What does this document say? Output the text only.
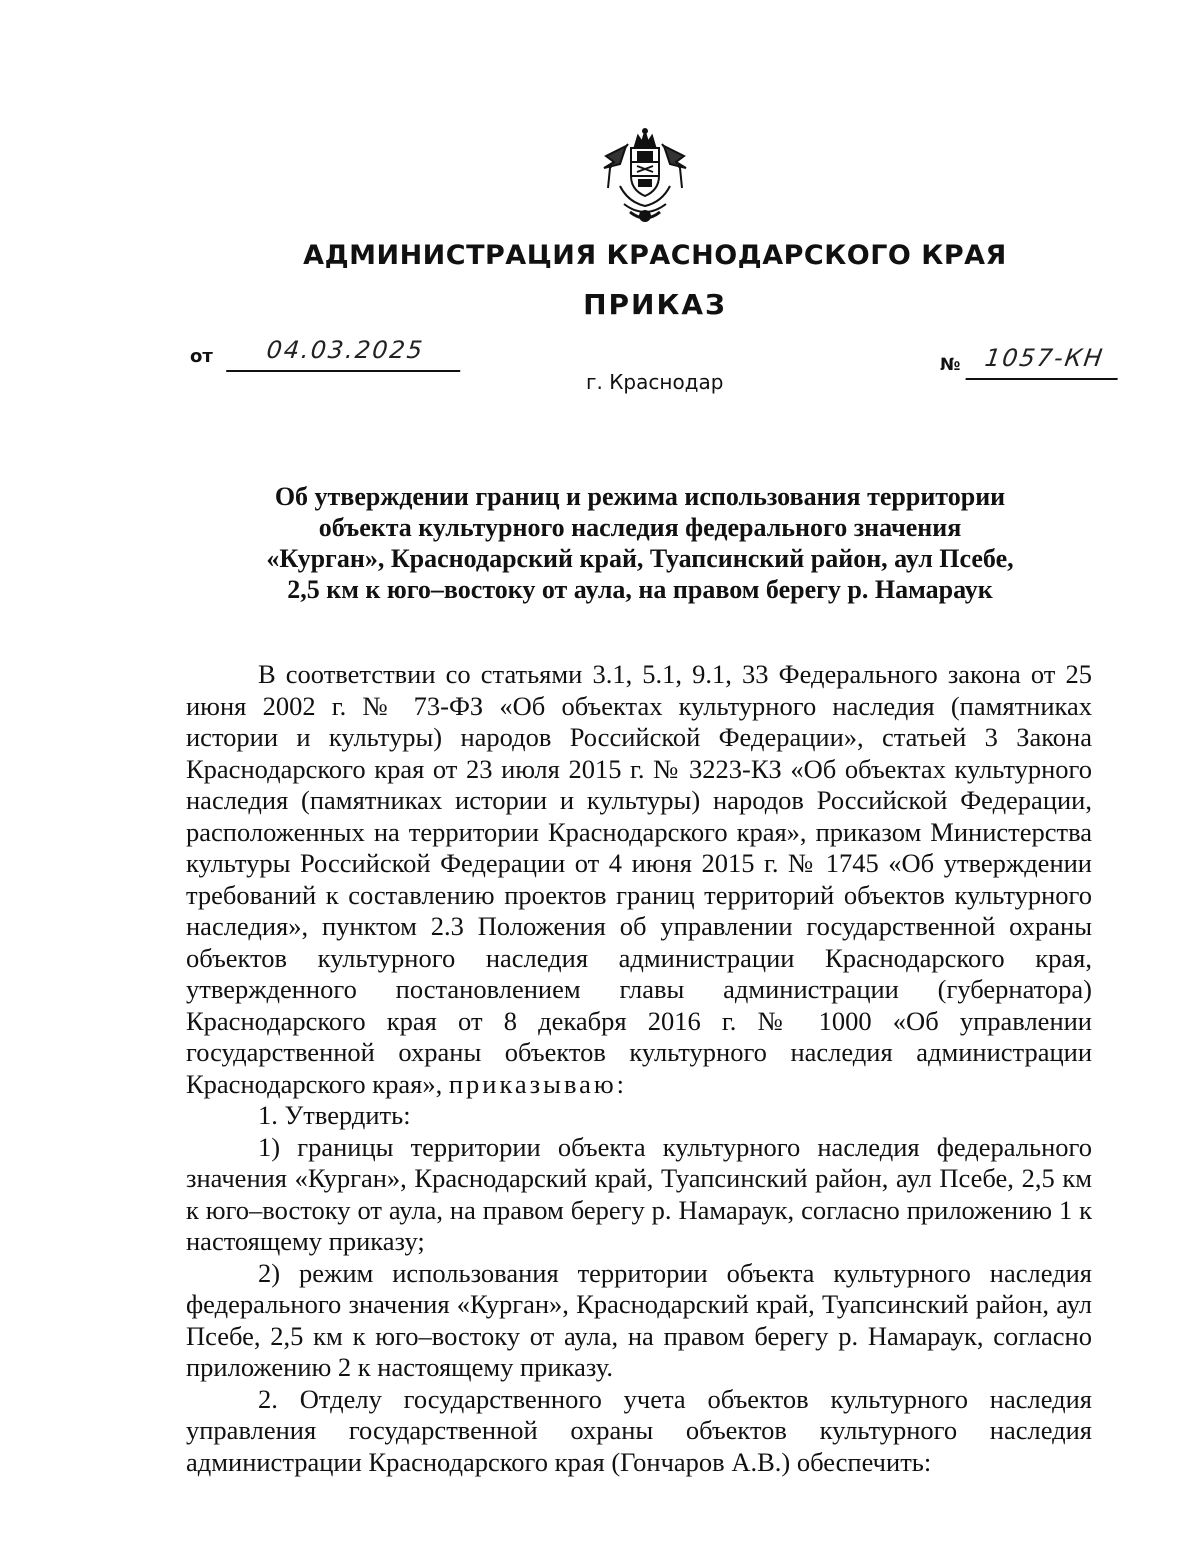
АДМИНИСТРАЦИЯ КРАСНОДАРСКОГО КРАЯ
ПРИКАЗ
от	04.03.2025
№ 1057-КН
г. Краснодар
Об утверждении границ и режима использования территории
объекта культурного наследия федерального значения
«Курган», Краснодарский край, Туапсинский район, аул Псебе,
2,5 км к юго–востоку от аула, на правом берегу р. Намараук

В соответствии со статьями 3.1, 5.1, 9.1, 33 Федерального закона от 25 июня 2002 г. № 73-ФЗ «Об объектах культурного наследия (памятниках истории и культуры) народов Российской Федерации», статьей 3 Закона Краснодарского края от 23 июля 2015 г. № 3223-КЗ «Об объектах культурного наследия (памятниках истории и культуры) народов Российской Федерации, расположенных на территории Краснодарского края», приказом Министерства культуры Российской Федерации от 4 июня 2015 г. № 1745 «Об утверждении требований к составлению проектов границ территорий объектов культурного наследия», пунктом 2.3 Положения об управлении государственной охраны объектов культурного наследия администрации Краснодарского края, утвержденного постановлением главы администрации (губернатора) Краснодарского края от 8 декабря 2016 г. № 1000 «Об управлении государственной охраны объектов культурного наследия администрации Краснодарского края», приказываю:

1. Утвердить:

1) границы территории объекта культурного наследия федерального значения «Курган», Краснодарский край, Туапсинский район, аул Псебе, 2,5 км к юго–востоку от аула, на правом берегу р. Намараук, согласно приложению 1 к настоящему приказу;

2) режим использования территории объекта культурного наследия федерального значения «Курган», Краснодарский край, Туапсинский район, аул Псебе, 2,5 км к юго–востоку от аула, на правом берегу р. Намараук, согласно приложению 2 к настоящему приказу.

2. Отделу государственного учета объектов культурного наследия управления государственной охраны объектов культурного наследия администрации Краснодарского края (Гончаров А.В.) обеспечить:
